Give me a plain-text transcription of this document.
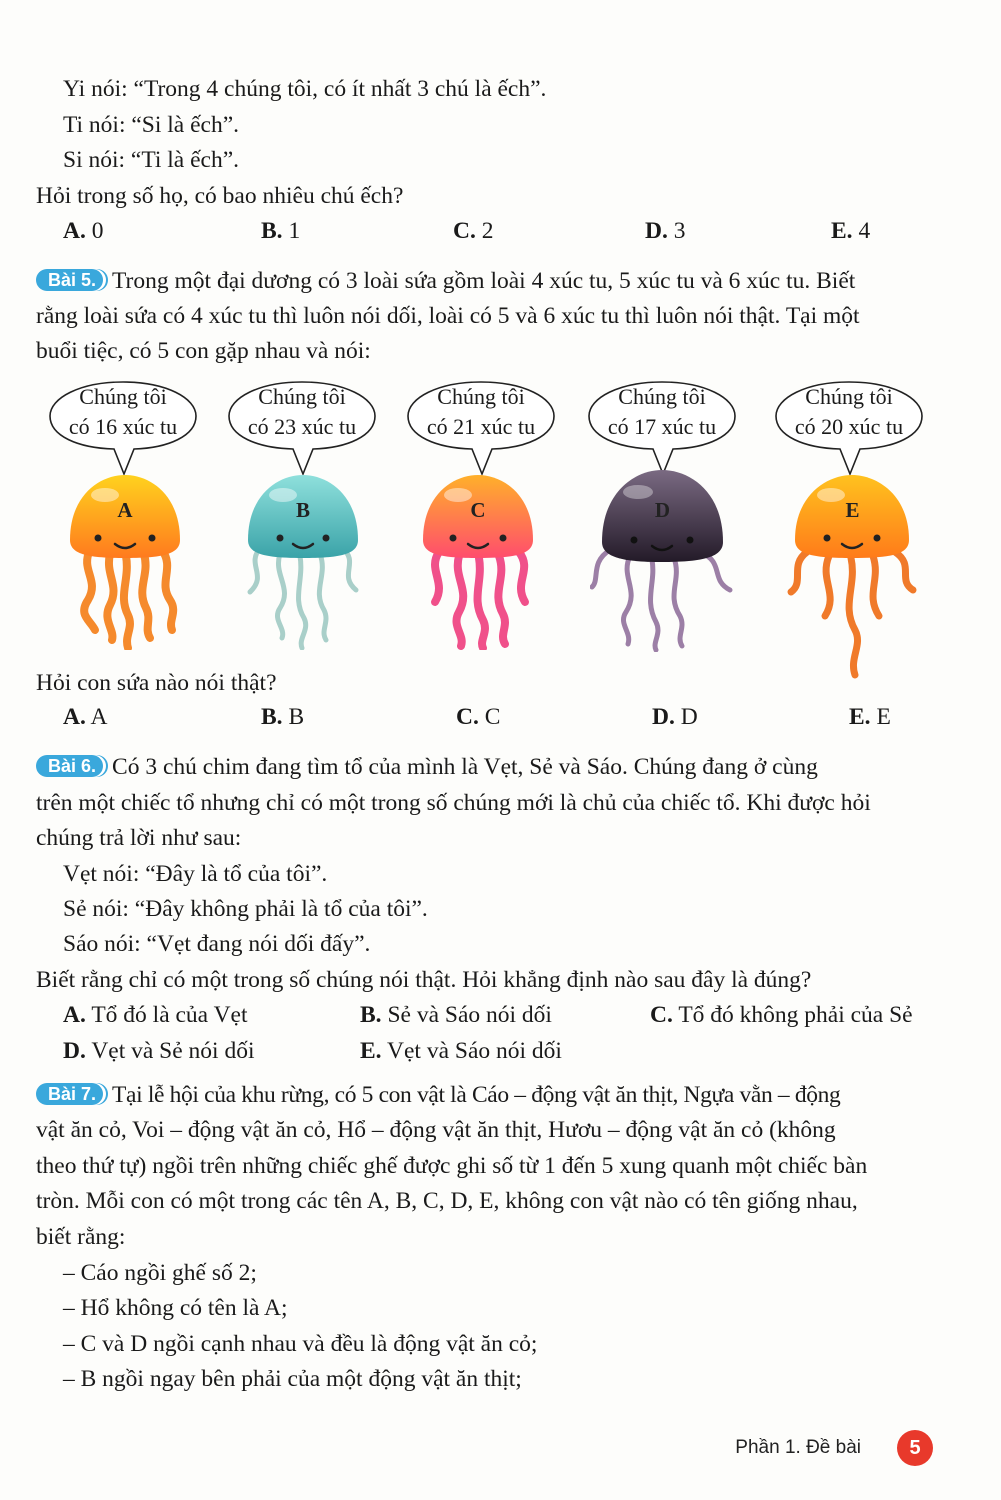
Yi nói: “Trong 4 chúng tôi, có ít nhất 3 chú là ếch”.
Ti nói: “Si là ếch”.
Si nói: “Ti là ếch”.
Hỏi trong số họ, có bao nhiêu chú ếch?
A. 0	B. 1	C. 2	D. 3	E. 4
Bài 5. Trong một đại dương có 3 loài sứa gồm loài 4 xúc tu, 5 xúc tu và 6 xúc tu. Biết
rằng loài sứa có 4 xúc tu thì luôn nói dối, loài có 5 và 6 xúc tu thì luôn nói thật. Tại một
buổi tiệc, có 5 con gặp nhau và nói:
Chúng tôi
có 16 xúc tu
Chúng tôi
có 23 xúc tu
Chúng tôi
có 21 xúc tu
Chúng tôi
có 17 xúc tu
Chúng tôi
có 20 xúc tu
A	B	C	D	E
Hỏi con sứa nào nói thật?
A. A	B. B	C. C	D. D	E. E
Bài 6. Có 3 chú chim đang tìm tổ của mình là Vẹt, Sẻ và Sáo. Chúng đang ở cùng
trên một chiếc tổ nhưng chỉ có một trong số chúng mới là chủ của chiếc tổ. Khi được hỏi
chúng trả lời như sau:
Vẹt nói: “Đây là tổ của tôi”.
Sẻ nói: “Đây không phải là tổ của tôi”.
Sáo nói: “Vẹt đang nói dối đấy”.
Biết rằng chỉ có một trong số chúng nói thật. Hỏi khẳng định nào sau đây là đúng?
A. Tổ đó là của Vẹt	B. Sẻ và Sáo nói dối	C. Tổ đó không phải của Sẻ
D. Vẹt và Sẻ nói dối	E. Vẹt và Sáo nói dối
Bài 7. Tại lễ hội của khu rừng, có 5 con vật là Cáo – động vật ăn thịt, Ngựa vằn – động
vật ăn cỏ, Voi – động vật ăn cỏ, Hổ – động vật ăn thịt, Hươu – động vật ăn cỏ (không
theo thứ tự) ngồi trên những chiếc ghế được ghi số từ 1 đến 5 xung quanh một chiếc bàn
tròn. Mỗi con có một trong các tên A, B, C, D, E, không con vật nào có tên giống nhau,
biết rằng:
– Cáo ngồi ghế số 2;
– Hổ không có tên là A;
– C và D ngồi cạnh nhau và đều là động vật ăn cỏ;
– B ngồi ngay bên phải của một động vật ăn thịt;
Phần 1. Đề bài	5
